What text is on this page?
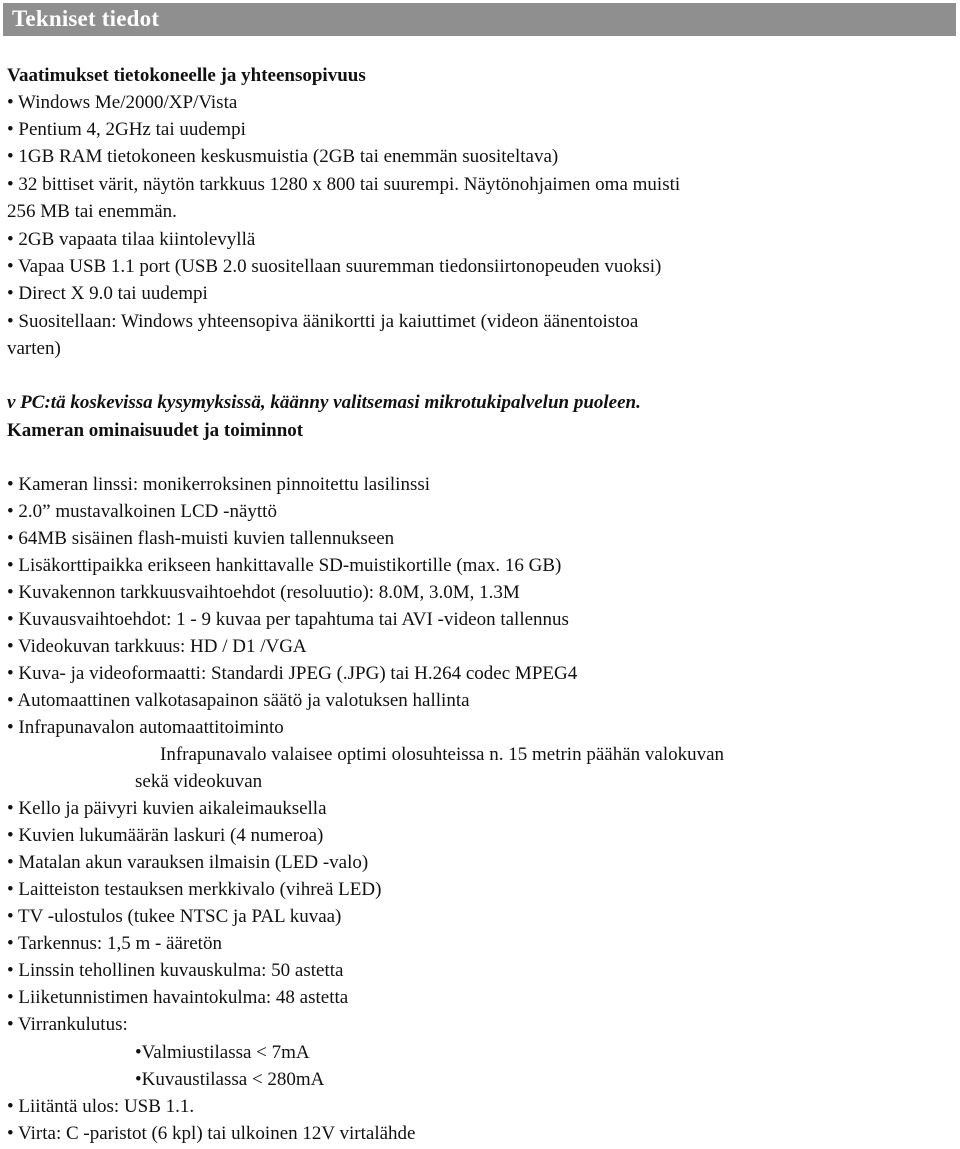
Tekniset tiedot
Vaatimukset tietokoneelle ja yhteensopivuus
• Windows Me/2000/XP/Vista
• Pentium 4, 2GHz tai uudempi
• 1GB RAM tietokoneen keskusmuistia (2GB tai enemmän suositeltava)
• 32 bittiset värit, näytön tarkkuus 1280 x 800 tai suurempi. Näytönohjaimen oma muisti
256 MB tai enemmän.
• 2GB vapaata tilaa kiintolevyllä
• Vapaa USB 1.1 port (USB 2.0 suositellaan suuremman tiedonsiirtonopeuden vuoksi)
• Direct X 9.0 tai uudempi
• Suositellaan: Windows yhteensopiva äänikortti ja kaiuttimet (videon äänentoistoa
varten)
v PC:tä koskevissa kysymyksissä, käänny valitsemasi mikrotukipalvelun puoleen.
Kameran ominaisuudet ja toiminnot
• Kameran linssi: monikerroksinen pinnoitettu lasilinssi
• 2.0” mustavalkoinen LCD -näyttö
• 64MB sisäinen flash-muisti kuvien tallennukseen
• Lisäkorttipaikka erikseen hankittavalle SD-muistikortille (max. 16 GB)
• Kuvakennon tarkkuusvaihtoehdot (resoluutio): 8.0M, 3.0M, 1.3M
• Kuvausvaihtoehdot: 1 - 9 kuvaa per tapahtuma tai AVI -videon tallennus
• Videokuvan tarkkuus: HD / D1 /VGA
• Kuva- ja videoformaatti: Standardi JPEG (.JPG) tai H.264 codec MPEG4
• Automaattinen valkotasapainon säätö ja valotuksen hallinta
• Infrapunavalon automaattitoiminto
Infrapunavalo valaisee optimi olosuhteissa n. 15 metrin päähän valokuvan
sekä videokuvan
• Kello ja päivyri kuvien aikaleimauksella
• Kuvien lukumäärän laskuri (4 numeroa)
• Matalan akun varauksen ilmaisin (LED -valo)
• Laitteiston testauksen merkkivalo (vihreä LED)
• TV -ulostulos (tukee NTSC ja PAL kuvaa)
• Tarkennus: 1,5 m - ääretön
• Linssin tehollinen kuvauskulma: 50 astetta
• Liiketunnistimen havaintokulma: 48 astetta
• Virrankulutus:
•Valmiustilassa < 7mA
•Kuvaustilassa < 280mA
• Liitäntä ulos: USB 1.1.
• Virta: C -paristot (6 kpl) tai ulkoinen 12V virtalähde
